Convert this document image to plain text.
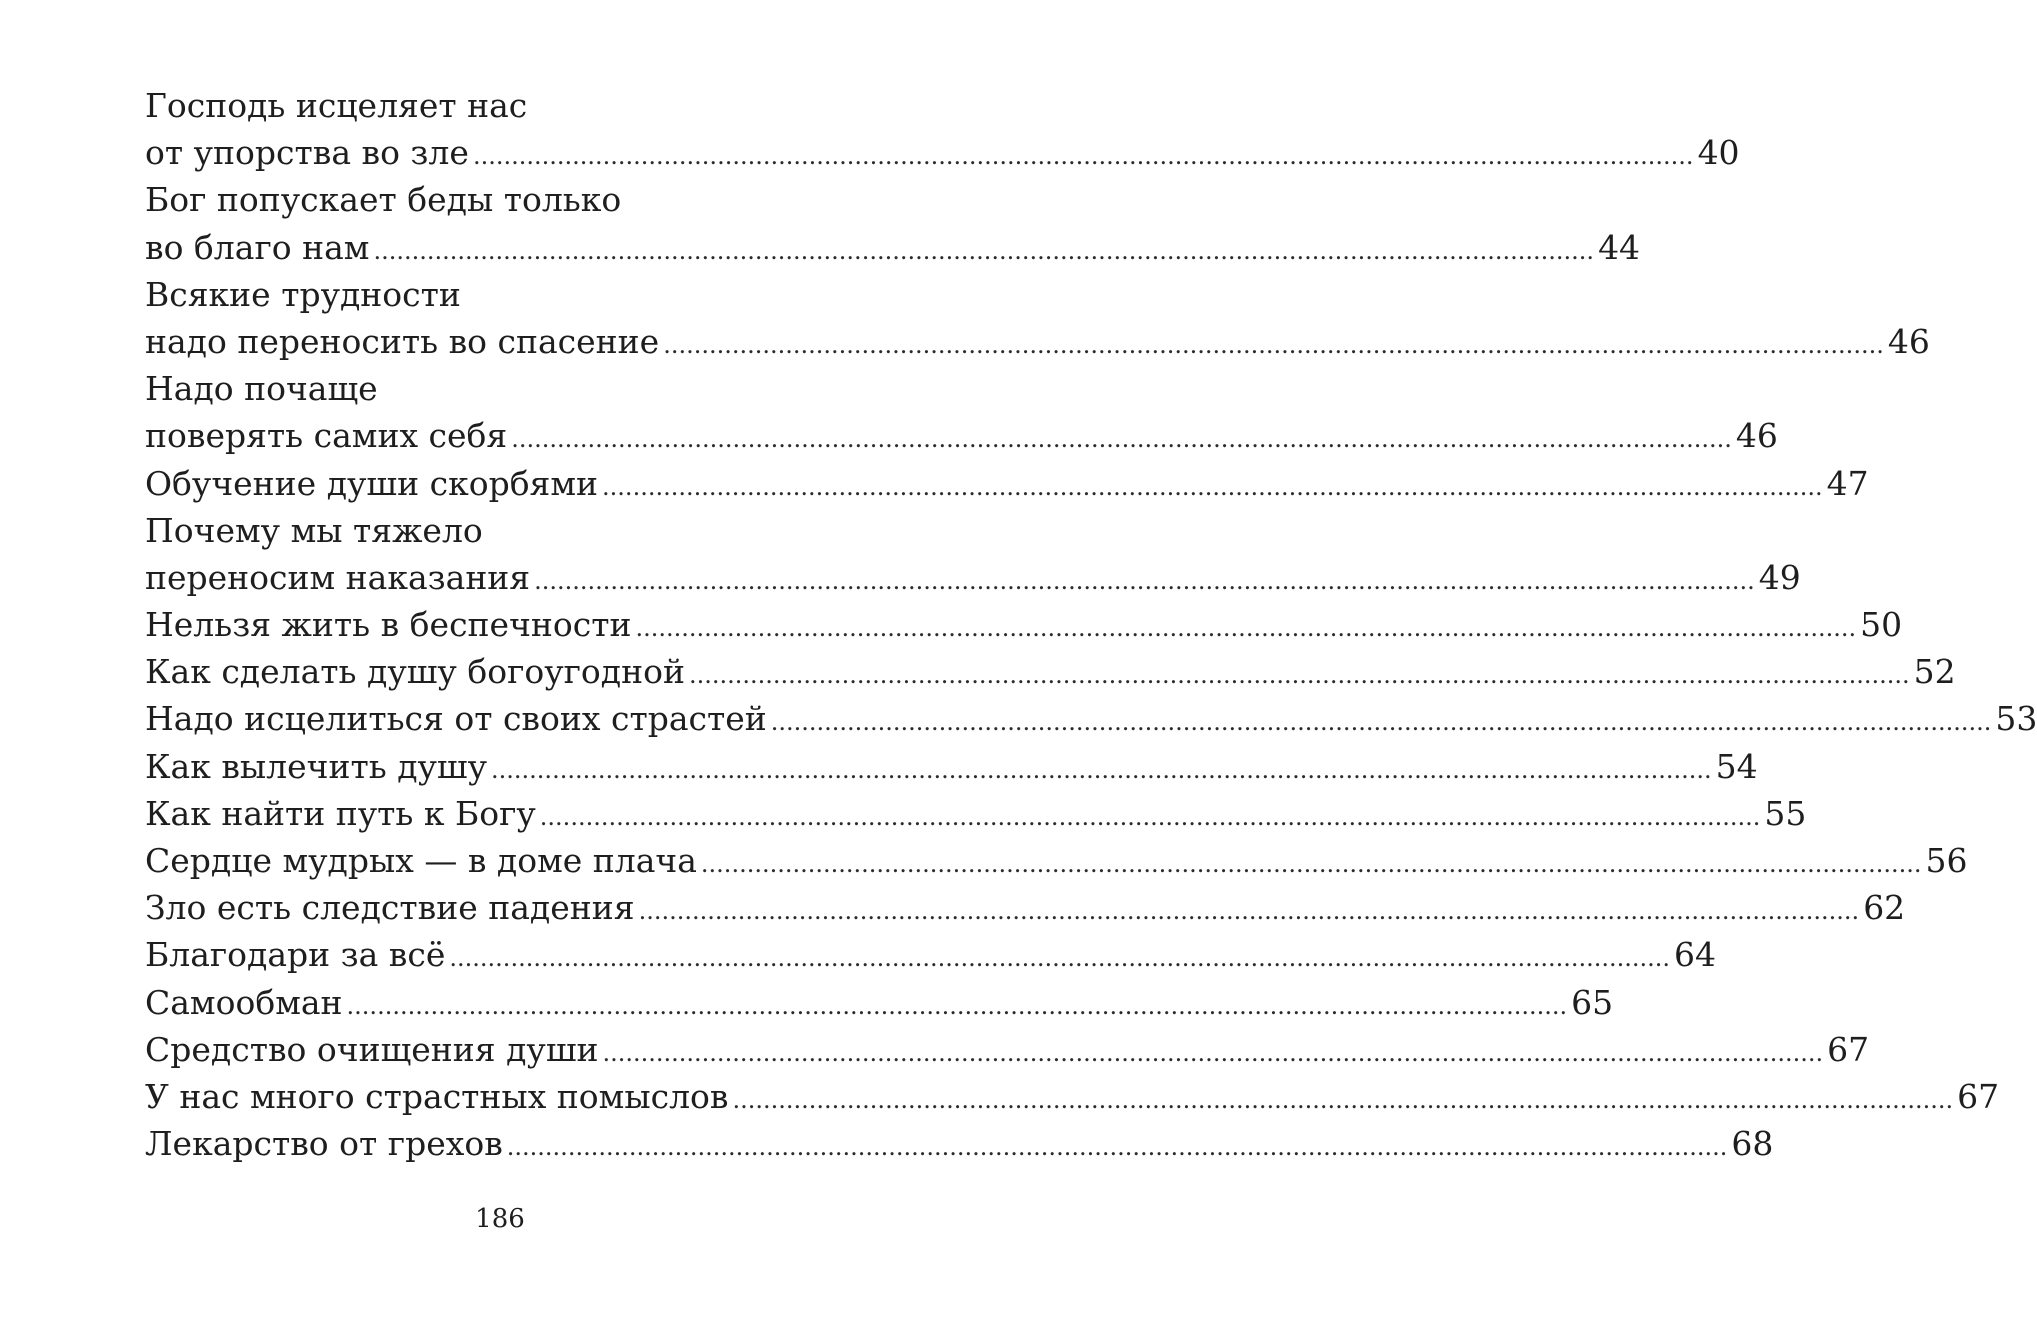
Господь исцеляет нас
от упорства во зле ................................................................................................................................................................ 40
Бог попускает беды только
во благо нам ................................................................................................................................................................ 44
Всякие трудности
надо переносить во спасение ................................................................................................................................................................ 46
Надо почаще
поверять самих себя ................................................................................................................................................................ 46
Обучение души скорбями ................................................................................................................................................................ 47
Почему мы тяжело
переносим наказания ................................................................................................................................................................ 49
Нельзя жить в беспечности ................................................................................................................................................................ 50
Как сделать душу богоугодной ................................................................................................................................................................ 52
Надо исцелиться от своих страстей ................................................................................................................................................................ 53
Как вылечить душу ................................................................................................................................................................ 54
Как найти путь к Богу ................................................................................................................................................................ 55
Сердце мудрых — в доме плача ................................................................................................................................................................ 56
Зло есть следствие падения ................................................................................................................................................................ 62
Благодари за всё ................................................................................................................................................................ 64
Самообман ................................................................................................................................................................ 65
Средство очищения души ................................................................................................................................................................ 67
У нас много страстных помыслов ................................................................................................................................................................ 67
Лекарство от грехов ................................................................................................................................................................ 68
186
